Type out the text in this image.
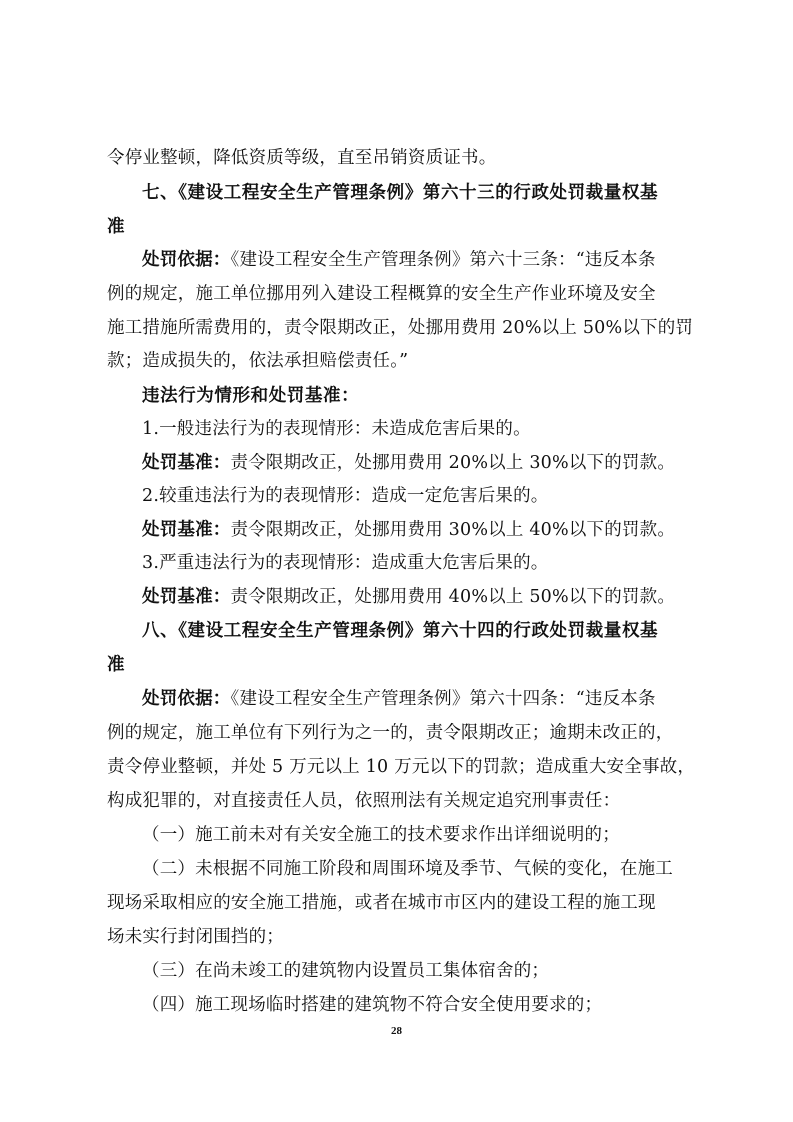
令停业整顿，降低资质等级，直至吊销资质证书。
七、《建设工程安全生产管理条例》第六十三的行政处罚裁量权基
准
处罚依据：《建设工程安全生产管理条例》第六十三条：“违反本条
例的规定，施工单位挪用列入建设工程概算的安全生产作业环境及安全
施工措施所需费用的，责令限期改正，处挪用费用 20%以上 50%以下的罚
款；造成损失的，依法承担赔偿责任。”
违法行为情形和处罚基准：
1.一般违法行为的表现情形：未造成危害后果的。
处罚基准：责令限期改正，处挪用费用 20%以上 30%以下的罚款。
2.较重违法行为的表现情形：造成一定危害后果的。
处罚基准：责令限期改正，处挪用费用 30%以上 40%以下的罚款。
3.严重违法行为的表现情形：造成重大危害后果的。
处罚基准：责令限期改正，处挪用费用 40%以上 50%以下的罚款。
八、《建设工程安全生产管理条例》第六十四的行政处罚裁量权基
准
处罚依据：《建设工程安全生产管理条例》第六十四条：“违反本条
例的规定，施工单位有下列行为之一的，责令限期改正；逾期未改正的，
责令停业整顿，并处 5 万元以上 10 万元以下的罚款；造成重大安全事故，
构成犯罪的，对直接责任人员，依照刑法有关规定追究刑事责任：
（一）施工前未对有关安全施工的技术要求作出详细说明的；
（二）未根据不同施工阶段和周围环境及季节、气候的变化，在施工
现场采取相应的安全施工措施，或者在城市市区内的建设工程的施工现
场未实行封闭围挡的；
（三）在尚未竣工的建筑物内设置员工集体宿舍的；
（四）施工现场临时搭建的建筑物不符合安全使用要求的；
28
